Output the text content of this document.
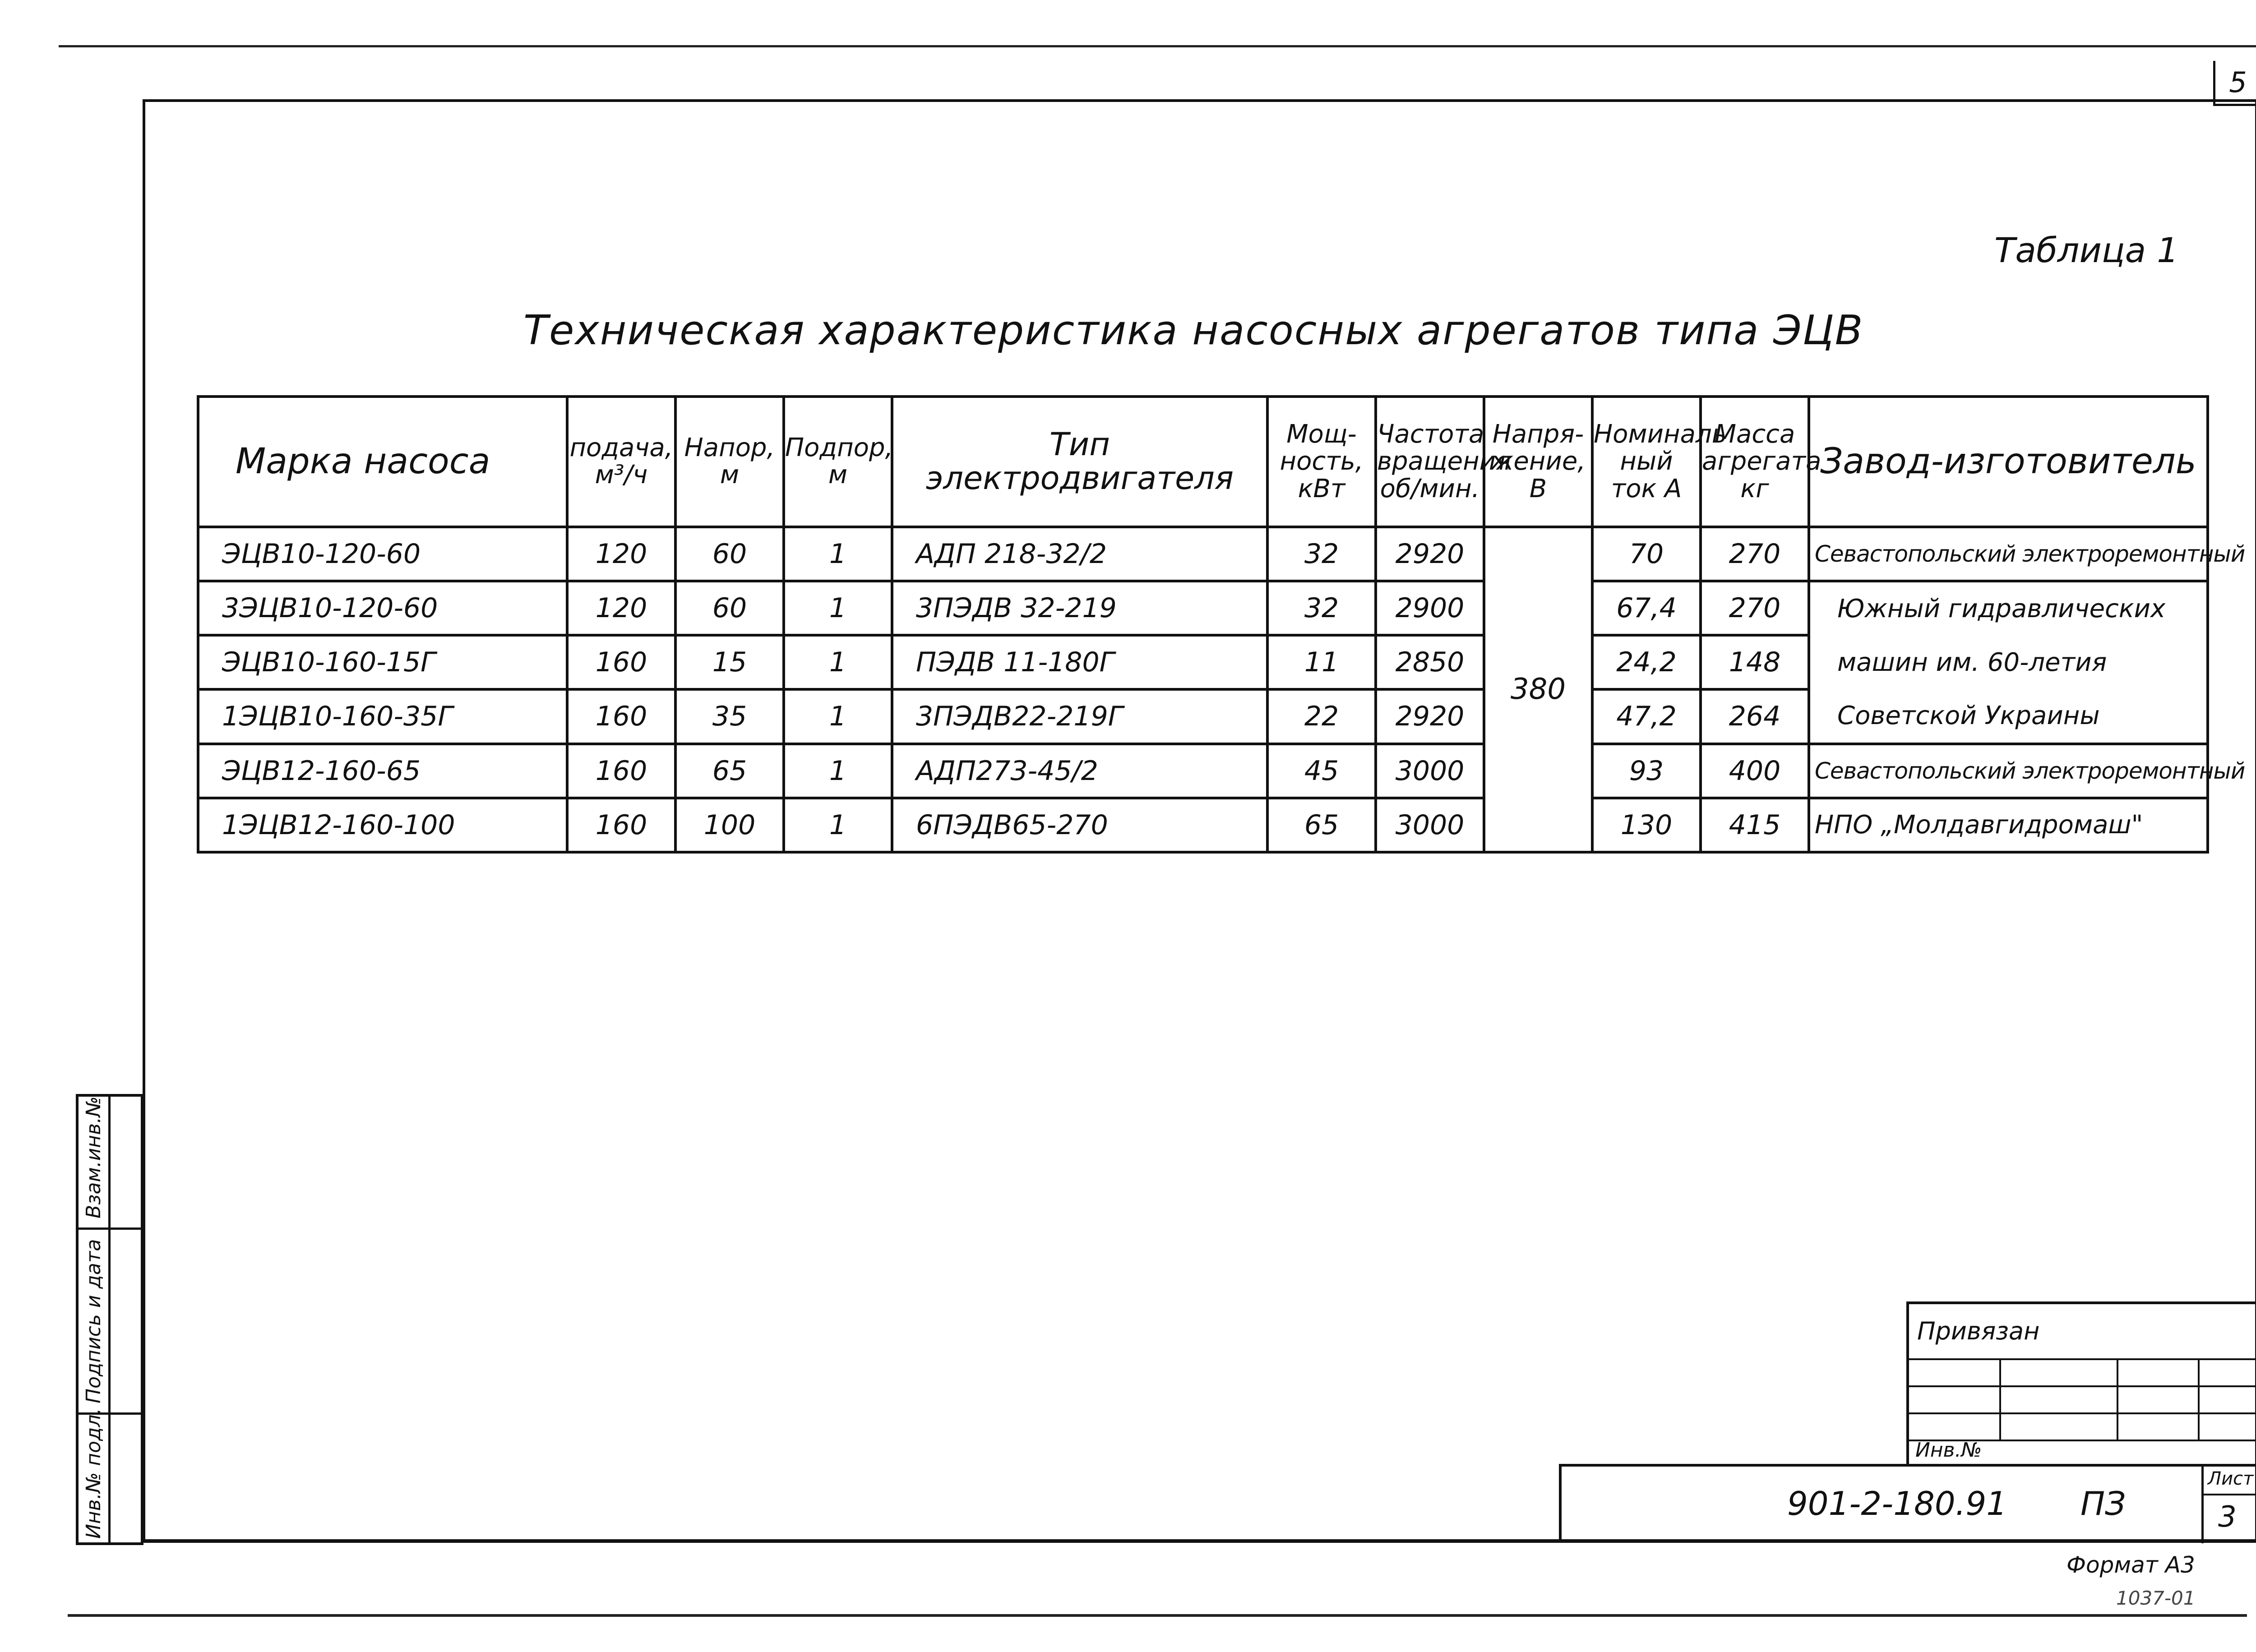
5
Таблица 1
Техническая характеристика насосных агрегатов типа ЭЦВ
Марка насоса	подача, м³/ч	Напор, м	Подпор, м	Тип электродвигателя	Мощ- ность, кВт	Частота вращения об/мин.	Напря- жение, В	Номиналь ный ток А	Масса агрегата кг	Завод-изготовитель
ЭЦВ10-120-60	120	60	1	АДП 218-32/2	32	2920	380	70	270	Севастопольский электроремонтный
3ЭЦВ10-120-60	120	60	1	3ПЭДВ 32-219	32	2900		67,4	270	Южный гидравлических
ЭЦВ10-160-15Г	160	15	1	ПЭДВ 11-180Г	11	2850		24,2	148	машин им. 60-летия
1ЭЦВ10-160-35Г	160	35	1	3ПЭДВ22-219Г	22	2920		47,2	264	Советской Украины
ЭЦВ12-160-65	160	65	1	АДП273-45/2	45	3000		93	400	Севастопольский электроремонтный
1ЭЦВ12-160-100	160	100	1	6ПЭДВ65-270	65	3000		130	415	НПО „Молдавгидромаш"
Взам.инв.№
Подпись и дата
Инв.№ подл.
Привязан
Инв.№
901-2-180.91 ПЗ
Лист
3
Формат А3
1037-01
